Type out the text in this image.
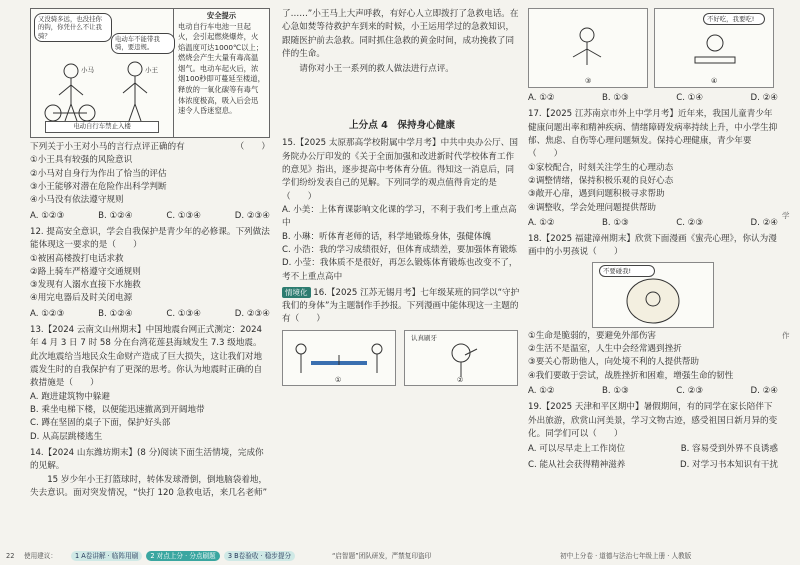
又没骑多远，也没挂你的钩，你凭什么不让我骑？	电动车不能带我骑，要违规。
小马	小王
电动自行车禁止入楼
安全提示
电动自行车电池一旦起火，会引起燃烧爆炸，火焰温度可达1000℃以上；燃烧会产生大量有毒高温烟气。电动车起火后，浓烟100秒即可蔓延至楼道，释放的一氧化碳等有毒气体浓度极高，吸入后会迅速令人昏迷窒息。

下列关于小王对小马的言行点评正确的有	（　　）

①小王具有较强的风险意识

②小马对自身行为作出了恰当的评估

③小王能够对潜在危险作出科学判断

④小马没有依法遵守规则

A. ①②③	B. ①②④	C. ①③④	D. ②③④

12. 提高安全意识，学会自我保护是青少年的必修课。下列做法能体现这一要求的是（　　）

①被困高楼拨打电话求救

②路上骑车严格遵守交通规则

③发现有人溺水直接下水施救

④用完电器后及时关闭电源

A. ①②③	B. ①②④	C. ①③④	D. ②③④

13.【2024 云南文山州期末】中国地震台网正式测定：2024 年 4 月 3 日 7 时 58 分在台湾花莲县海域发生 7.3 级地震。此次地震给当地民众生命财产造成了巨大损失，这让我们对地震发生时的自我保护有了更深的思考。你认为地震时正确的自救措施是（　　）

A. 跑进建筑物中躲避

B. 乘坐电梯下楼，以便能迅速撤离到开阔地带

C. 蹲在坚固的桌子下面，保护好头部

D. 从高层跳楼逃生

14.【2024 山东潍坊期末】(8 分)阅读下面生活情境，完成你的见解。

15 岁少年小王打篮球时，转体发球滑倒，倒地脑袋着地，失去意识。面对突发情况，“快打 120 急救电话，来几名老师”

了……”小王马上大声呼救，有好心人立即拨打了急救电话。在心急如焚等待救护车到来的时候，小王运用学过的急救知识，跟随医护前去急救。同时抓住急救的黄金时间，成功挽救了同伴的生命。

请你对小王一系列的救人做法进行点评。

上分点 4　保持身心健康

15.【2025 太原那高学校附属中学月考】中共中央办公厅、国务院办公厅印发的《关于全面加强和改进新时代学校体育工作的意见》指出，逐步提高中考体育分值。得知这一消息后，同学们纷纷发表自己的见解。下列同学的观点值得肯定的是（　　）

A. 小美：上体育课影响文化课的学习，不利于我们考上重点高中

B. 小琳：听体育老师的话，科学地锻炼身体，强健体魄

C. 小浩：我的学习成绩很好，但体育成绩差，要加强体育锻炼

D. 小莹：我体质不是很好，再怎么锻炼体育锻炼也改变不了，考不上重点高中

情境化 16.【2025 江苏无锡月考】七年级某班的同学以“守护我们的身体”为主题制作手抄报。下列漫画中能体现这一主题的有（　　）

①
认真刷牙
②
③
不好吃，我要吃!
④
A. ①②	B. ①③	C. ①④	D. ②④

17.【2025 江苏南京市外上中学月考】近年来，我国儿童青少年健康问题出率和精神疾病、情绪障碍发病率持续上升，中小学生抑郁、焦虑、自伤等心理问题频发。保持心理健康，青少年要（　　）

①家校配合，时刻关注学生的心理动态

②调整情绪，保持积极乐观的良好心态

③敞开心扉，遇到问题积极寻求帮助

④调整收，学会处理问题提供帮助

A. ①②	B. ①③	C. ②③	D. ②④

18.【2025 福建漳州期末】欣赏下面漫画《蜜壳心理》，你认为漫画中的小男孩说（　　）

不要碰我!

①生命是脆弱的，要避免外部伤害

②生活不是温室，人生中会经常遇到挫折

③要关心帮助他人，向处境不利的人提供帮助

④我们要敢于尝试，战胜挫折和困难，增强生命的韧性

A. ①②	B. ①③	C. ②③	D. ②④

19.【2025 天津和平区期中】暑假期间，有的同学在家长陪伴下外出旅游，欣赏山河美景，学习文物古迹，感受祖国日新月异的变化。同学们可以（　　）

A. 可以尽早走上工作岗位	B. 容易受到外界不良诱惑
C. 能从社会获得精神滋养	D. 对学习书本知识有干扰
学
作
22 使用建议：	1 A卷讲解 · 临阵用刷 2 对点上分 · 分点刷题 3 B卷验收 · 稳步提分	“启智题”团队研发，严禁复印盗印	初中上分卷 · 道德与法治七年级上册 · 人教版
